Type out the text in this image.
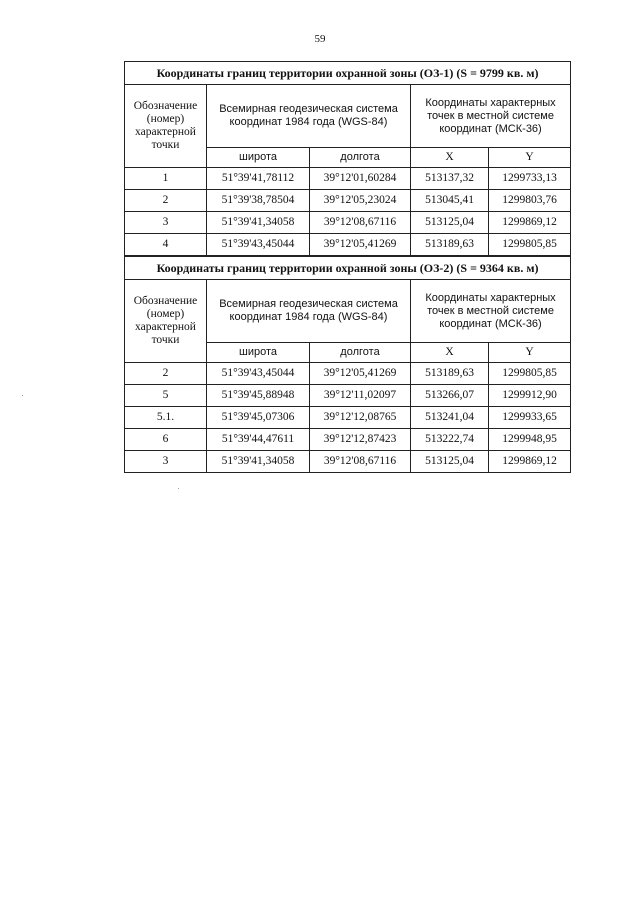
59
Координаты границ территории охранной зоны (ОЗ-1) (S = 9799 кв. м)				
Обозначение (номер) характерной точки	Всемирная геодезическая система координат 1984 года (WGS-84)		Координаты характерных точек в местной системе координат (МСК-36)	
	широта	долгота	X	Y
1	51°39'41,78112	39°12'01,60284	513137,32	1299733,13
2	51°39'38,78504	39°12'05,23024	513045,41	1299803,76
3	51°39'41,34058	39°12'08,67116	513125,04	1299869,12
4	51°39'43,45044	39°12'05,41269	513189,63	1299805,85
Координаты границ территории охранной зоны (ОЗ-2) (S = 9364 кв. м)				
Обозначение (номер) характерной точки	Всемирная геодезическая система координат 1984 года (WGS-84)		Координаты характерных точек в местной системе координат (МСК-36)	
	широта	долгота	X	Y
2	51°39'43,45044	39°12'05,41269	513189,63	1299805,85
5	51°39'45,88948	39°12'11,02097	513266,07	1299912,90
5.1.	51°39'45,07306	39°12'12,08765	513241,04	1299933,65
6	51°39'44,47611	39°12'12,87423	513222,74	1299948,95
3	51°39'41,34058	39°12'08,67116	513125,04	1299869,12
